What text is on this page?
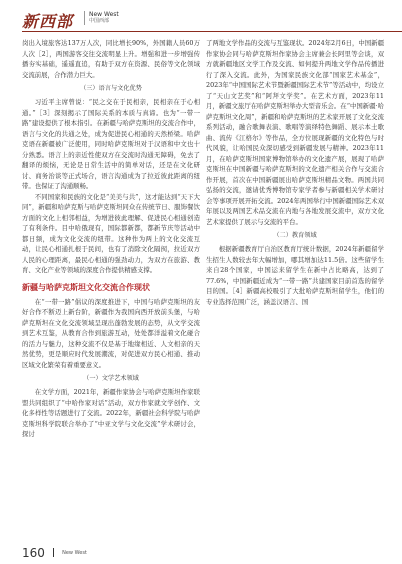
新西部	New West
中国西部

岗出入境旅客达137万人次，同比增长90%，外国籍人员60万人次［2］，两国游客交往交流明显上升。增强和进一步增强传播夯实基础，遥遥直追，有助于双方在资源、民俗等文化领域交流前展，合作潜力巨大。

（三）语言与文化优势

习近平主席曾说：“民之交在于民相亲，民相亲在于心相通。”［3］深刻揭示了国际关系的本质与真谛。也为“一带一路”建设提供了根本指引。在新疆与哈萨克斯坦的交流合作中，语言与文化的共通之处，成为促进民心相通的天然桥梁。哈萨克语在新疆被广泛使用，同时哈萨克斯坦对于汉语和中文也十分熟悉。语言上的亲近性使双方在交流时沟通无障碍，免去了翻译的烦恼，无论是日常生活中的简单对话，还是在文化研讨、商务治谈等正式场合，语言沟通成为了拉近彼此距离的纽带。也保证了沟通顺畅。

不同国家和民族的文化是“美美与共”，这才能达到“天下大同”，新疆和哈萨克斯与哈萨克斯坦同众在传统节日、服饰餐饮方面的文化上相邻相益，为增进彼此理解、促进民心相通创造了有利条件。目中哈俄现有，国际都新都，都新节庆等活动中都日频，成为文化交流的纽带。这种作为两上的文化交流互动，让民心相通扎根于民间，也有了消除文化隔阂，拉近双方人民的心理距离，最民心相通的强劲动力，为双方在旅游、教育、文化产业等领域的深度合作提供精感支撑。

新疆与哈萨克斯坦文化交流合作现状

在“一带一路”倡议的深度推进下，中国与哈萨克斯坦的友好合作不断迈上新台阶，新疆作为我国向西开放前头堡，与哈萨克斯坦在文化交流领域呈现出蓬勃发展的态势，从文学交流到艺术互鉴，从教育合作到旅游互动，处处都洋溢着文化碰合的活力与魅力，这种交流不仅是基于地缘相近、人文相亲的天然优势，更是顺应时代发展潮流，对促进双方民心相通、推动区域文化繁荣有着重要意义。

（一）文学艺术领域

在文学方面，2021年，新疆作家协会与哈萨克斯坦作家联盟共同组织了“中哈作家对话”活动，双方作家就文学创作、文化多样性等话题进行了交流。2022年，新疆社会科学院与哈萨克斯坦科学院联合举办了“中亚文学与文化交流”学术研讨会，探讨

了两地文学作品的交流与互鉴现状。2024年2月6日，中国新疆作家协会同与哈萨克斯坦作家协会主席兼会长阿里等会谈，双方就新疆地区文学工作及交流、如何提升两地文学作品传播进行了深入交流。此外，为国家民族文化部“国家艺术基金”，2023年“中国国际艺术节暨新疆国际艺术节”等活动中，均设立了“天山文艺奖”和“阿拜文学奖”。在艺术方面，2023年11月，新疆文旅厅在哈萨克斯坦举办大型音乐会。在“中国新疆·哈萨克斯坦文化周”，新疆和哈萨克斯坦的艺术家开展了文化交流系列活动，融合歌舞表演、歌唱等演绎特色舞蹈、展示本土歌曲、流传《江格尔》等作品，全方位展现新疆的文化特色与时代风貌，让哈国民众深切感受到新疆发展与精神。2023年11月，在哈萨克斯坦国家博物馆举办的文化遗产展，展现了哈萨克斯坦在中国新疆与哈萨克斯坦的文化遗产相关合作与交流合作开展，首次在中国新疆展出哈萨克斯坦精品文物。两国共同弘扬的交流，邀请优秀博物馆专家学者参与新疆相关学术研讨会等事项开展开拓交流。2024年两国举行中国新疆国际艺术双年展以及两国艺术品交流在内地与各地发展交流中，双方文化艺术家提供了展示与交流的平台。

（二）教育领域

根据新疆教育厅自治区教育厅统计数据，2024年新疆留学生招生人数较去年大幅增加，哪其增加达11.5倍。这些留学生来自28个国家，中国运来留学生在新中占比略高，达到了77.6%，中国新疆近成为“一带一路”共建国家目前首选的留学目的国。［4］新疆高校吸引了大批哈萨克斯坦留学生，他们的专业选择范围广泛，涵盖汉语言、国

160	New West
